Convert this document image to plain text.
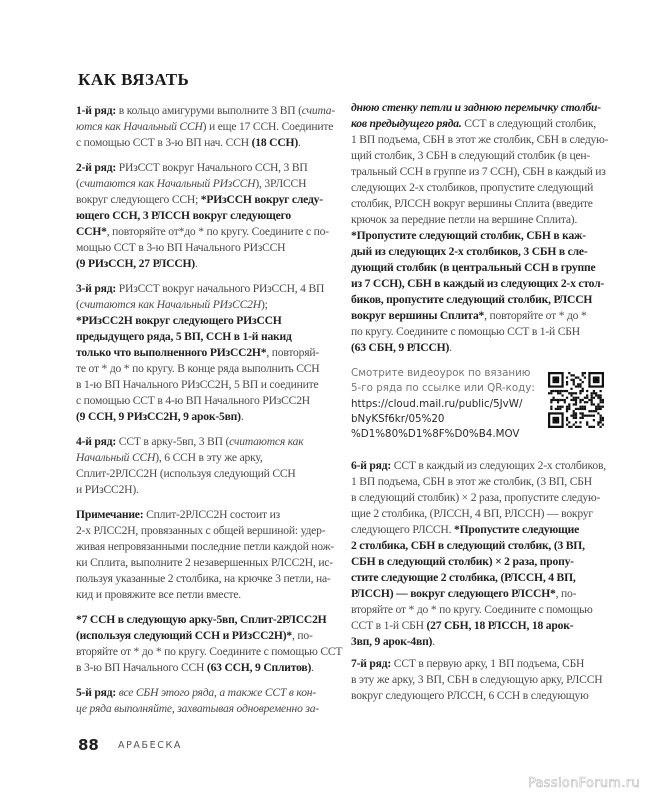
КАК ВЯЗАТЬ
1-й ряд: в кольцо амигуруми выполните 3 ВП (счита-
ются как Начальный ССН) и еще 17 ССН. Соедините
с помощью ССТ в 3-ю ВП нач. ССН (18 ССН).
2-й ряд: РИзССТ вокруг Начального ССН, 3 ВП
(считаются как Начальный РИзССН), 3РЛССН
вокруг следующего ССН; *РИзССН вокруг следу-
ющего ССН, 3 РЛССН вокруг следующего
ССН*, повторяйте от*до * по кругу. Соедините с по-
мощью ССТ в 3-ю ВП Начального РИзССН
(9 РИзССН, 27 РЛССН).
3-й ряд: РИзССТ вокруг начального РИзССН, 4 ВП
(считаются как Начальный РИзСС2Н);
*РИзСС2Н вокруг следующего РИзССН
предыдущего ряда, 5 ВП, ССН в 1-й накид
только что выполненного РИзСС2Н*, повторяй-
те от * до * по кругу. В конце ряда выполнить ССН
в 1-ю ВП Начального РИзСС2Н, 5 ВП и соедините
с помощью ССТ в 4-ю ВП Начального РИзСС2Н
(9 ССН, 9 РИзСС2Н, 9 арок-5вп).
4-й ряд: ССТ в арку-5вп, 3 ВП (считаются как
Начальный ССН), 6 ССН в эту же арку,
Сплит-2РЛСС2Н (используя следующий ССН
и РИзСС2Н).
Примечание: Сплит-2РЛСС2Н состоит из
2-х РЛСС2Н, провязанных с общей вершиной: удер-
живая непровязанными последние петли каждой нож-
ки Сплита, выполните 2 незавершенных РЛСС2Н, ис-
пользуя указанные 2 столбика, на крючке 3 петли, на-
кид и провяжите все петли вместе.
*7 ССН в следующую арку-5вп, Сплит-2РЛСС2Н
(используя следующий ССН и РИзСС2Н)*, по-
вторяйте от * до * по кругу. Соедините с помощью ССТ
в 3-ю ВП Начального ССН (63 ССН, 9 Сплитов).
5-й ряд: все СБН этого ряда, а также ССТ в кон-
це ряда выполняйте, захватывая одновременно за-
днюю стенку петли и заднюю перемычку столби-
ков предыдущего ряда. ССТ в следующий столбик,
1 ВП подъема, СБН в этот же столбик, СБН в следую-
щий столбик, 3 СБН в следующий столбик (в цен-
тральный ССН в группе из 7 ССН), СБН в каждый из
следующих 2-х столбиков, пропустите следующий
столбик, РЛССН вокруг вершины Сплита (введите
крючок за передние петли на вершине Сплита).
*Пропустите следующий столбик, СБН в каж-
дый из следующих 2-х столбиков, 3 СБН в сле-
дующий столбик (в центральный ССН в группе
из 7 ССН), СБН в каждый из следующих 2-х стол-
биков, пропустите следующий столбик, РЛССН
вокруг вершины Сплита*, повторяйте от * до *
по кругу. Соедините с помощью ССТ в 1-й СБН
(63 СБН, 9 РЛССН).
Смотрите видеоурок по вязанию
5-го ряда по ссылке или QR-коду:
https://cloud.mail.ru/public/5JvW/
bNyKSf6kr/05%20
%D1%80%D1%8F%D0%B4.MOV
6-й ряд: ССТ в каждый из следующих 2-х столбиков,
1 ВП подъема, СБН в этот же столбик, (3 ВП, СБН
в следующий столбик) × 2 раза, пропустите следую-
щие 2 столбика, (РЛССН, 4 ВП, РЛССН) — вокруг
следующего РЛССН. *Пропустите следующие
2 столбика, СБН в следующий столбик, (3 ВП,
СБН в следующий столбик) × 2 раза, пропу-
стите следующие 2 столбика, (РЛССН, 4 ВП,
РЛССН) — вокруг следующего РЛССН*, по-
вторяйте от * до * по кругу. Соедините с помощью
ССТ в 1-й СБН (27 СБН, 18 РЛССН, 18 арок-
3вп, 9 арок-4вп).
7-й ряд: ССТ в первую арку, 1 ВП подъема, СБН
в эту же арку, 3 ВП, СБН в следующую арку, РЛССН
вокруг следующего РЛССН, 6 ССН в следующую
88 АРАБЕСКА
PassionForum.ru
